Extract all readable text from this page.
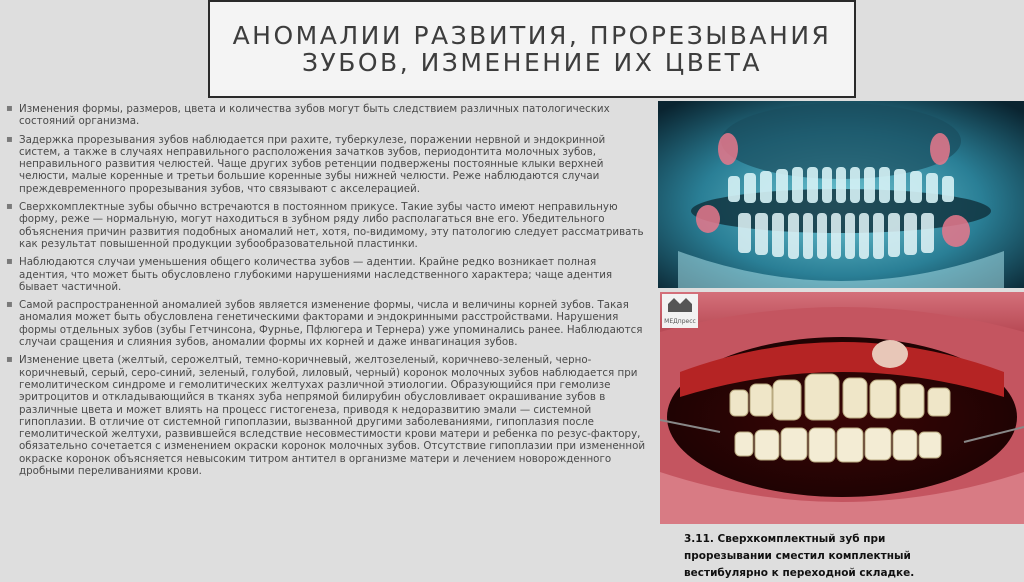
АНОМАЛИИ РАЗВИТИЯ, ПРОРЕЗЫВАНИЯ ЗУБОВ, ИЗМЕНЕНИЕ ИХ ЦВЕТА
▪ Изменения формы, размеров, цвета и количества зубов могут быть следствием различных патологических состояний организма.
▪ Задержка прорезывания зубов наблюдается при рахите, туберкулезе, поражении нервной и эндокринной систем, а также в случаях неправильного расположения зачатков зубов, периодонтита молочных зубов, неправильного развития челюстей. Чаще других зубов ретенции подвержены постоянные клыки верхней челюсти, малые коренные и третьи большие коренные зубы нижней челюсти. Реже наблюдаются случаи преждевременного прорезывания зубов, что связывают с акселерацией.
▪ Сверхкомплектные зубы обычно встречаются в постоянном прикусе. Такие зубы часто имеют неправильную форму, реже — нормальную, могут находиться в зубном ряду либо располагаться вне его. Убедительного объяснения причин развития подобных аномалий нет, хотя, по-видимому, эту патологию следует рассматривать как результат повышенной продукции зубообразовательной пластинки.
▪ Наблюдаются случаи уменьшения общего количества зубов — адентии. Крайне редко возникает полная адентия, что может быть обусловлено глубокими нарушениями наследственного характера; чаще адентия бывает частичной.
▪ Самой распространенной аномалией зубов является изменение формы, числа и величины корней зубов. Такая аномалия может быть обусловлена генетическими факторами и эндокринными расстройствами. Нарушения формы отдельных зубов (зубы Гетчинсона, Фурнье, Пфлюгера и Тернера) уже упоминались ранее. Наблюдаются случаи сращения и слияния зубов, аномалии формы их корней и даже инвагинация зубов.
▪ Изменение цвета (желтый, серожелтый, темно-коричневый, желтозеленый, коричнево-зеленый, черно-коричневый, серый, серо-синий, зеленый, голубой, лиловый, черный) коронок молочных зубов наблюдается при гемолитическом синдроме и гемолитических желтухах различной этиологии. Образующийся при гемолизе эритроцитов и откладывающийся в тканях зуба непрямой билирубин обусловливает окрашивание зубов в различные цвета и может влиять на процесс гистогенеза, приводя к недоразвитию эмали — системной гипоплазии. В отличие от системной гипоплазии, вызванной другими заболеваниями, гипоплазия после гемолитической желтухи, развившейся вследствие несовместимости крови матери и ребенка по резус-фактору, обязательно сочетается с изменением окраски коронок молочных зубов. Отсутствие гипоплазии при измененной окраске коронок объясняется невысоким титром антител в организме матери и лечением новорожденного дробными переливаниями крови.
МЕДпресс
3.11. Сверхкомплектный зуб при
прорезывании сместил комплектный
вестибулярно к переходной складке.
